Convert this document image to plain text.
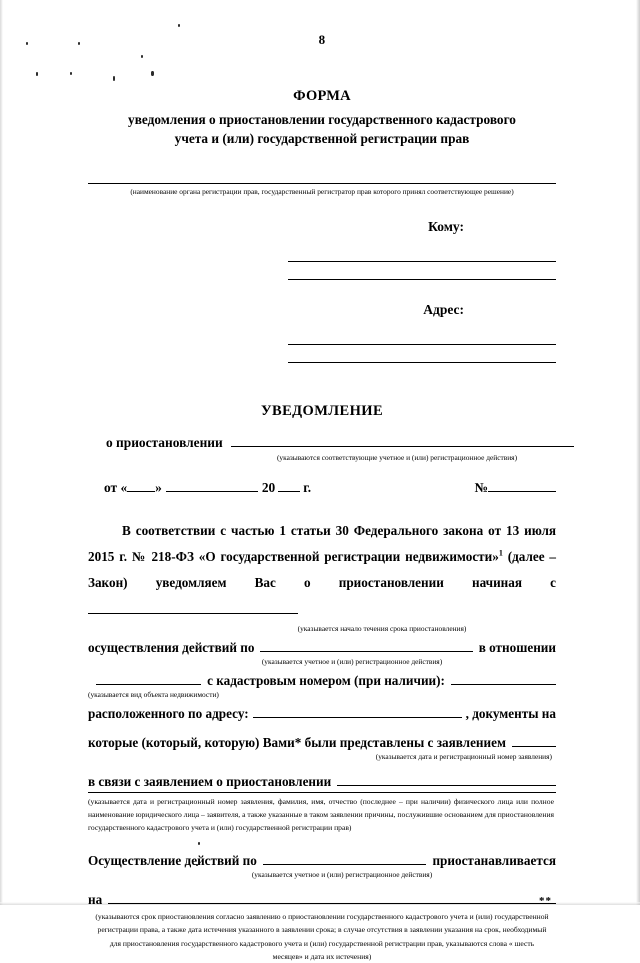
8
ФОРМА
уведомления о приостановлении государственного кадастрового
учета и (или) государственной регистрации прав
(наименование органа регистрации прав, государственный регистратор прав которого принял соответствующее решение)
Кому:
Адрес:
УВЕДОМЛЕНИЕ
о приостановлении
(указываются соответствующие учетное и (или) регистрационное действия)
от « »	20 г.	№
В соответствии с частью 1 статьи 30 Федерального закона от 13 июля 2015 г. № 218-ФЗ «О государственной регистрации недвижимости»$^1$ (далее – Закон) уведомляем Вас о приостановлении начиная с
(указывается начало течения срока приостановления)
осуществления действий по	в отношении
(указывается учетное и (или) регистрационное действия)
с кадастровым номером (при наличии):
(указывается вид объекта недвижимости)
расположенного по адресу:	, документы на
которые (который, которую) Вами* были представлены с заявлением
(указывается дата и регистрационный номер заявления)
в связи с заявлением о приостановлении
(указывается дата и регистрационный номер заявления, фамилия, имя, отчество (последнее – при наличии) физического лица или полное наименование юридического лица – заявителя, а также указанные в таком заявлении причины, послужившие основанием для приостановления государственного кадастрового учета и (или) государственной регистрации прав)
Осуществление действий по	приостанавливается
(указывается учетное и (или) регистрационное действия)
на	**
(указываются срок приостановления согласно заявлению о приостановлении государственного кадастрового учета и (или) государственной регистрации права, а также дата истечения указанного в заявлении срока; в случае отсутствия в заявлении указания на срок, необходимый для приостановления государственного кадастрового учета и (или) государственной регистрации прав, указываются слова « шесть месяцев» и дата их истечения)
